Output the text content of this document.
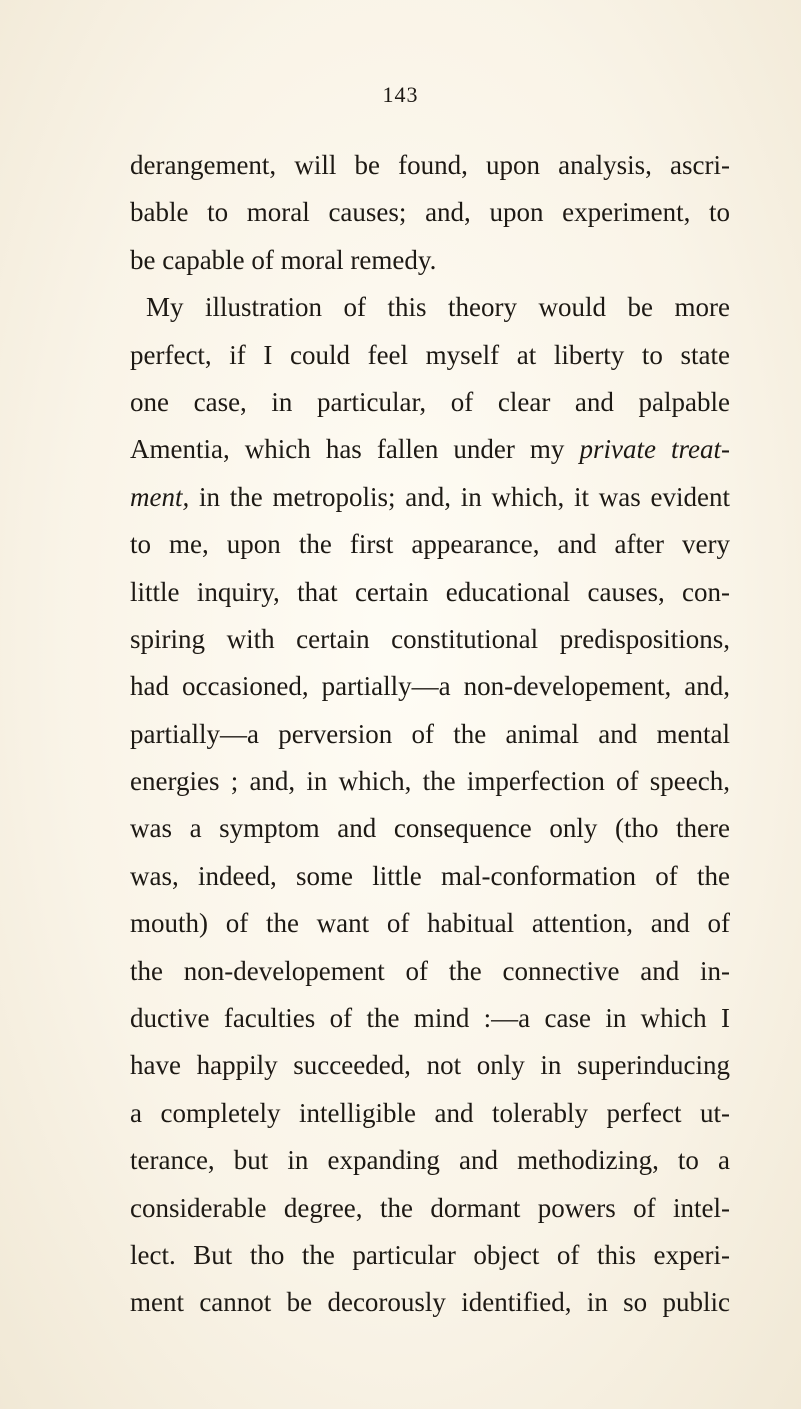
143
derangement, will be found, upon analysis, ascri-
bable to moral causes; and, upon experiment, to
be capable of moral remedy.
My illustration of this theory would be more
perfect, if I could feel myself at liberty to state
one case, in particular, of clear and palpable
Amentia, which has fallen under my private treat-
ment, in the metropolis; and, in which, it was evident
to me, upon the first appearance, and after very
little inquiry, that certain educational causes, con-
spiring with certain constitutional predispositions,
had occasioned, partially—a non-developement, and,
partially—a perversion of the animal and mental
energies ; and, in which, the imperfection of speech,
was a symptom and consequence only (tho there
was, indeed, some little mal-conformation of the
mouth) of the want of habitual attention, and of
the non-developement of the connective and in-
ductive faculties of the mind :—a case in which I
have happily succeeded, not only in superinducing
a completely intelligible and tolerably perfect ut-
terance, but in expanding and methodizing, to a
considerable degree, the dormant powers of intel-
lect. But tho the particular object of this experi-
ment cannot be decorously identified, in so public
